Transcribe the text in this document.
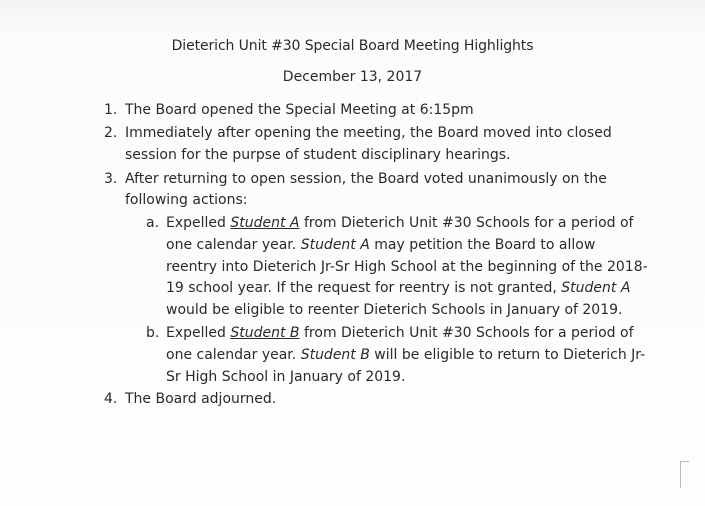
Dieterich Unit #30 Special Board Meeting Highlights
December 13, 2017
1. The Board opened the Special Meeting at 6:15pm
2. Immediately after opening the meeting, the Board moved into closed
session for the purpse of student disciplinary hearings.
3. After returning to open session, the Board voted unanimously on the
following actions:
a. Expelled Student A from Dieterich Unit #30 Schools for a period of
one calendar year. Student A may petition the Board to allow
reentry into Dieterich Jr-Sr High School at the beginning of the 2018-
19 school year. If the request for reentry is not granted, Student A
would be eligible to reenter Dieterich Schools in January of 2019.
b. Expelled Student B from Dieterich Unit #30 Schools for a period of
one calendar year. Student B will be eligible to return to Dieterich Jr-
Sr High School in January of 2019.
4. The Board adjourned.
